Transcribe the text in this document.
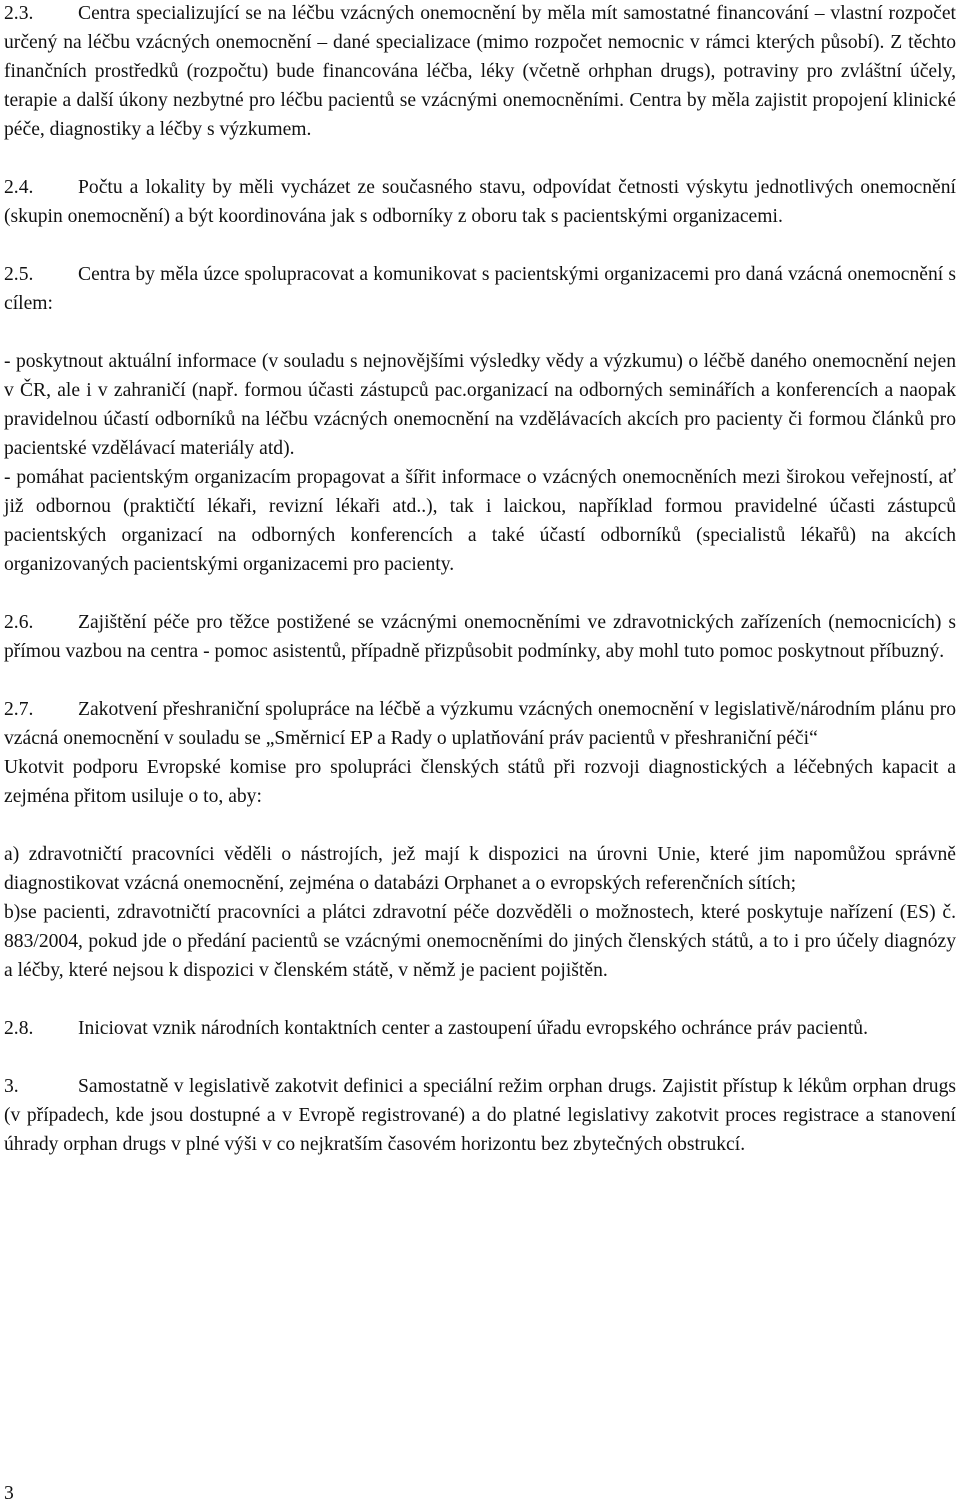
2.3. Centra specializující se na léčbu vzácných onemocnění by měla mít samostatné financování – vlastní rozpočet určený na léčbu vzácných onemocnění – dané specializace (mimo rozpočet nemocnic v rámci kterých působí). Z těchto finančních prostředků (rozpočtu) bude financována léčba, léky (včetně orhphan drugs), potraviny pro zvláštní účely, terapie a další úkony nezbytné pro léčbu pacientů se vzácnými onemocněními. Centra by měla zajistit propojení klinické péče, diagnostiky a léčby s výzkumem.

2.4. Počtu a lokality by měli vycházet ze současného stavu, odpovídat četnosti výskytu jednotlivých onemocnění (skupin onemocnění) a být koordinována jak s odborníky z oboru tak s pacientskými organizacemi.

2.5. Centra by měla úzce spolupracovat a komunikovat s pacientskými organizacemi pro daná vzácná onemocnění s cílem:

- poskytnout aktuální informace (v souladu s nejnovějšími výsledky vědy a výzkumu) o léčbě daného onemocnění nejen v ČR, ale i v zahraničí (např. formou účasti zástupců pac.organizací na odborných seminářích a konferencích a naopak pravidelnou účastí odborníků na léčbu vzácných onemocnění na vzdělávacích akcích pro pacienty či formou článků pro pacientské vzdělávací materiály atd).

- pomáhat pacientským organizacím propagovat a šířit informace o vzácných onemocněních mezi širokou veřejností, ať již odbornou (praktičtí lékaři, revizní lékaři atd..), tak i laickou, například formou pravidelné účasti zástupců pacientských organizací na odborných konferencích a také účastí odborníků (specialistů lékařů) na akcích organizovaných pacientskými organizacemi pro pacienty.

2.6. Zajištění péče pro těžce postižené se vzácnými onemocněními ve zdravotnických zařízeních (nemocnicích) s přímou vazbou na centra - pomoc asistentů, případně přizpůsobit podmínky, aby mohl tuto pomoc poskytnout příbuzný.

2.7. Zakotvení přeshraniční spolupráce na léčbě a výzkumu vzácných onemocnění v legislativě/národním plánu pro vzácná onemocnění v souladu se „Směrnicí EP a Rady o uplatňování práv pacientů v přeshraniční péči“

Ukotvit podporu Evropské komise pro spolupráci členských států při rozvoji diagnostických a léčebných kapacit a zejména přitom usiluje o to, aby:

a) zdravotničtí pracovníci věděli o nástrojích, jež mají k dispozici na úrovni Unie, které jim napomůžou správně diagnostikovat vzácná onemocnění, zejména o databázi Orphanet a o evropských referenčních sítích;

b)se pacienti, zdravotničtí pracovníci a plátci zdravotní péče dozvěděli o možnostech, které poskytuje nařízení (ES) č. 883/2004, pokud jde o předání pacientů se vzácnými onemocněními do jiných členských států, a to i pro účely diagnózy a léčby, které nejsou k dispozici v členském státě, v němž je pacient pojištěn.

2.8. Iniciovat vznik národních kontaktních center a zastoupení úřadu evropského ochránce práv pacientů.

3.	Samostatně v legislativě zakotvit definici a speciální režim orphan drugs. Zajistit přístup k lékům orphan drugs (v případech, kde jsou dostupné a v Evropě registrované) a do platné legislativy zakotvit proces registrace a stanovení úhrady orphan drugs v plné výši v co nejkratším časovém horizontu bez zbytečných obstrukcí.

3
